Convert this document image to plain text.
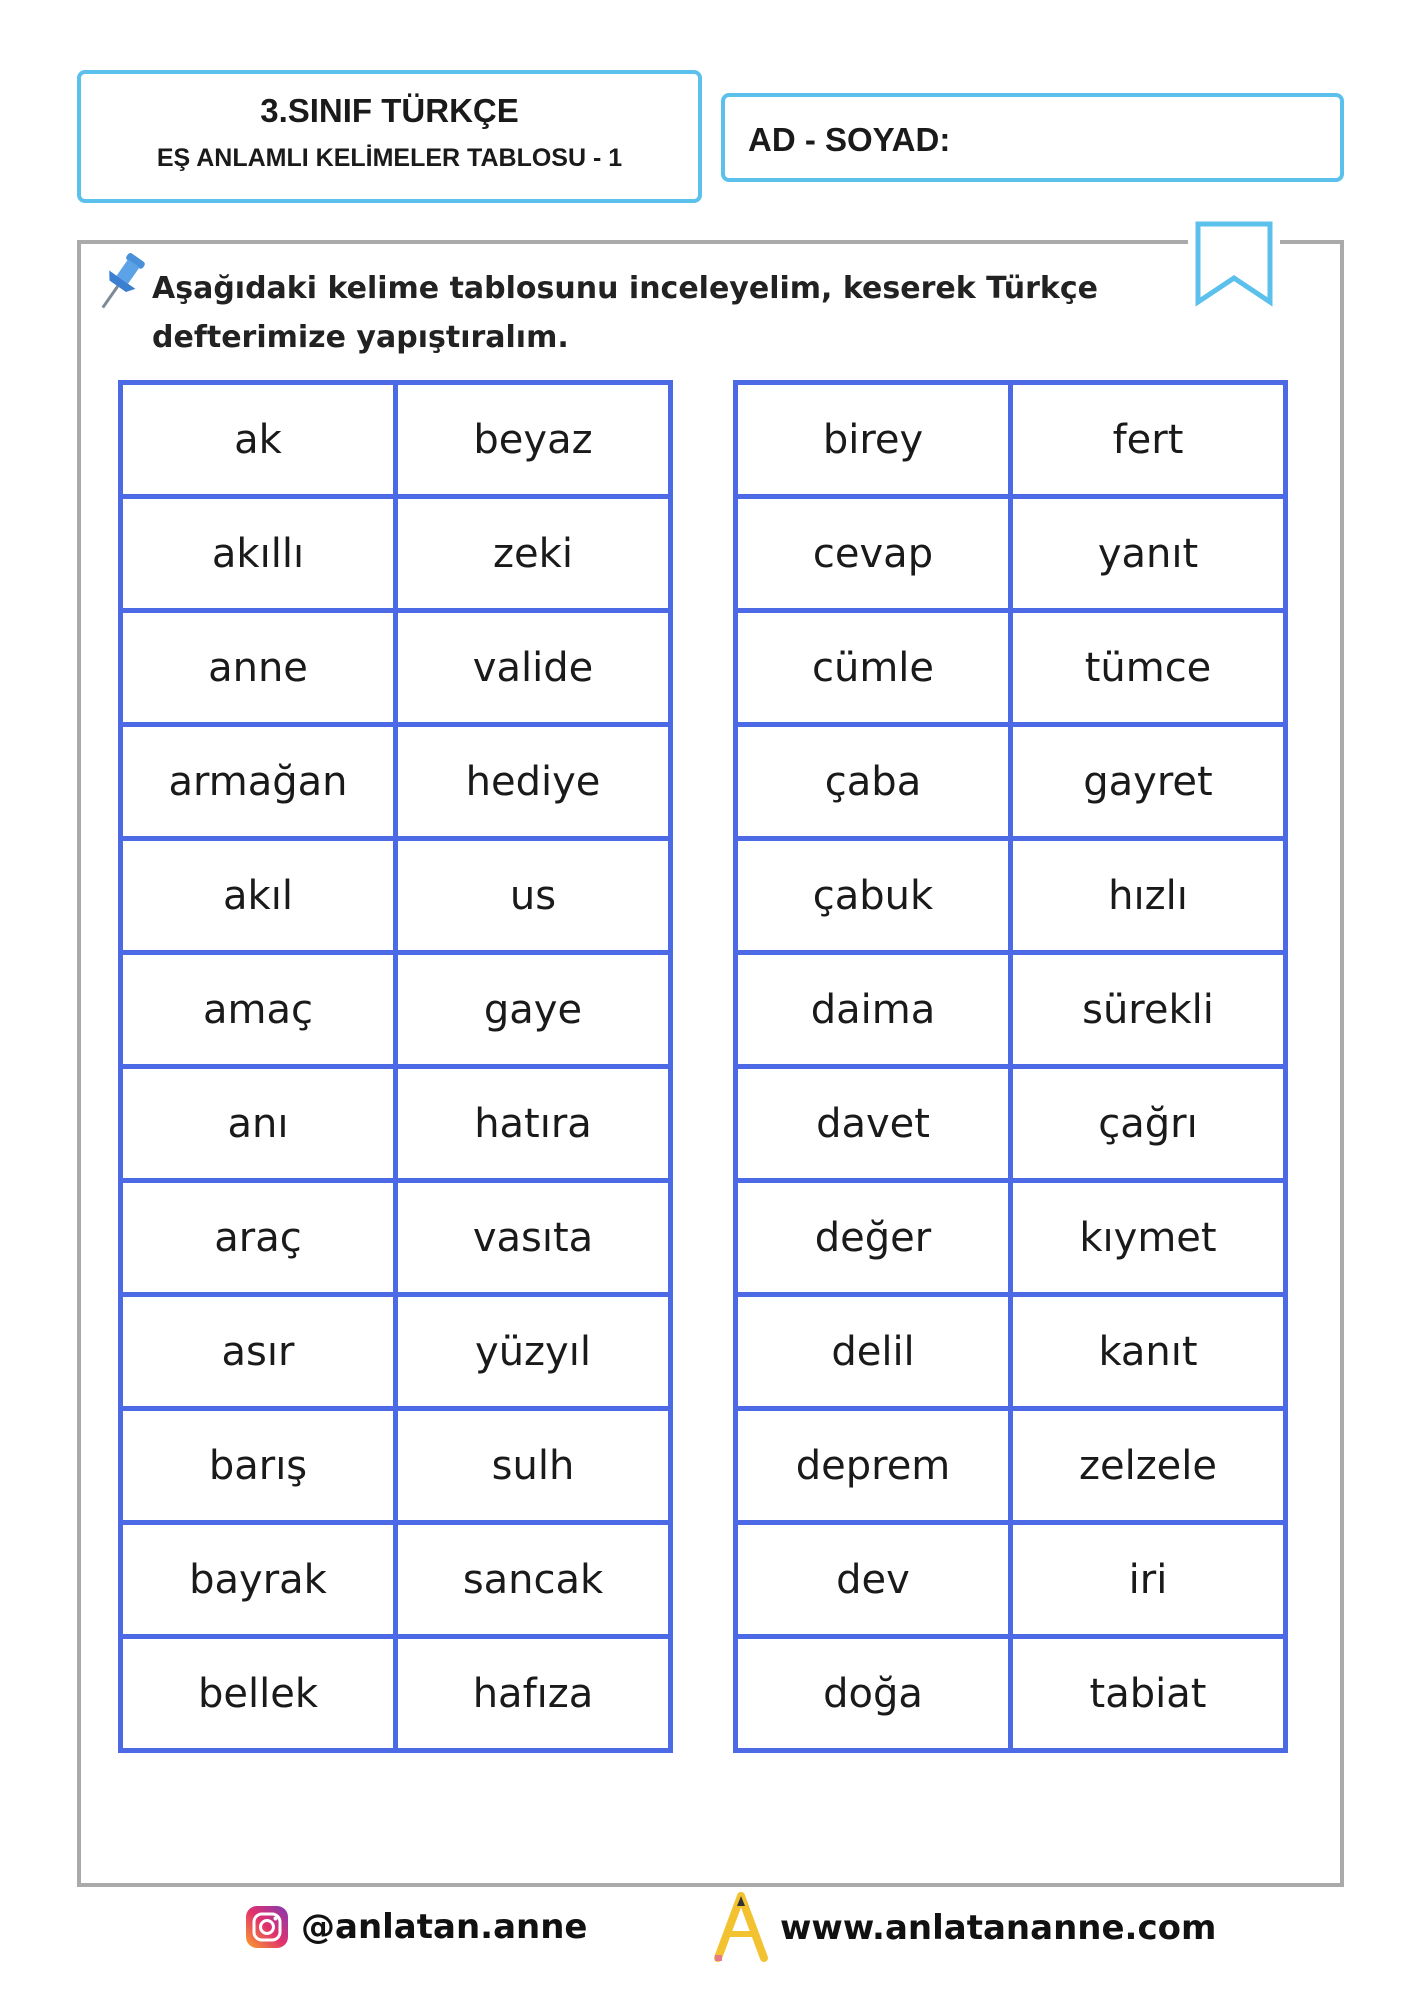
3.SINIF TÜRKÇE
EŞ ANLAMLI KELİMELER TABLOSU - 1	AD - SOYAD:
Aşağıdaki kelime tablosunu inceleyelim, keserek Türkçe defterimize yapıştıralım.
ak	beyaz
akıllı	zeki
anne	valide
armağan	hediye
akıl	us
amaç	gaye
anı	hatıra
araç	vasıta
asır	yüzyıl
barış	sulh
bayrak	sancak
bellek	hafıza
birey	fert
cevap	yanıt
cümle	tümce
çaba	gayret
çabuk	hızlı
daima	sürekli
davet	çağrı
değer	kıymet
delil	kanıt
deprem	zelzele
dev	iri
doğa	tabiat
@anlatan.anne	www.anlatananne.com
